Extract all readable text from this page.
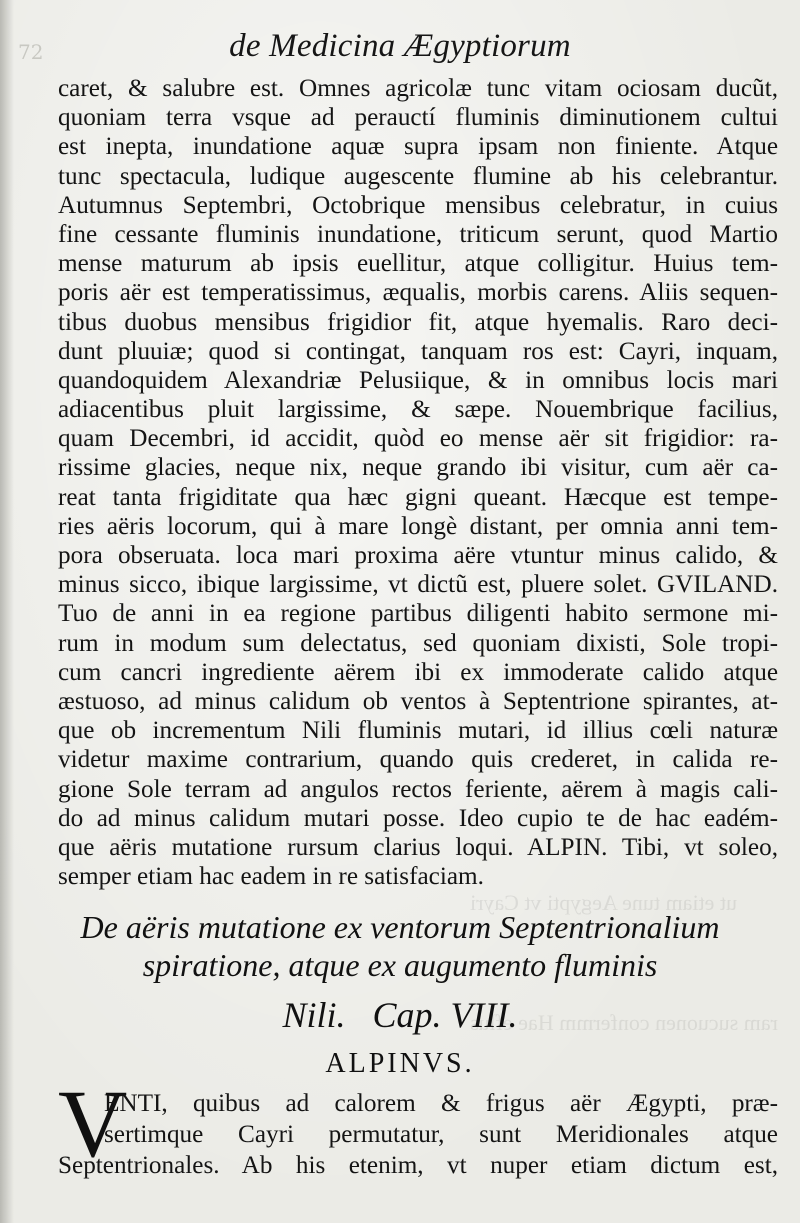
ut etiam tune Aegypti vt Cayri
ram sucuonen confermm Hae eflus
72	de Medicina Ægyptiorum
caret, & salubre est. Omnes agricolæ tunc vitam ociosam ducũt,
quoniam terra vsque ad perauctí fluminis diminutionem cultui
est inepta, inundatione aquæ supra ipsam non finiente. Atque
tunc spectacula, ludique augescente flumine ab his celebrantur.
Autumnus Septembri, Octobrique mensibus celebratur, in cuius
fine cessante fluminis inundatione, triticum serunt, quod Martio
mense maturum ab ipsis euellitur, atque colligitur. Huius tem-
poris aër est temperatissimus, æqualis, morbis carens. Aliis sequen-
tibus duobus mensibus frigidior fit, atque hyemalis. Raro deci-
dunt pluuiæ; quod si contingat, tanquam ros est: Cayri, inquam,
quandoquidem Alexandriæ Pelusiique, & in omnibus locis mari
adiacentibus pluit largissime, & sæpe. Nouembrique facilius,
quam Decembri, id accidit, quòd eo mense aër sit frigidior: ra-
rissime glacies, neque nix, neque grando ibi visitur, cum aër ca-
reat tanta frigiditate qua hæc gigni queant. Hæcque est tempe-
ries aëris locorum, qui à mare longè distant, per omnia anni tem-
pora obseruata. loca mari proxima aëre vtuntur minus calido, &
minus sicco, ibique largissime, vt dictũ est, pluere solet. GVILAND.
Tuo de anni in ea regione partibus diligenti habito sermone mi-
rum in modum sum delectatus, sed quoniam dixisti, Sole tropi-
cum cancri ingrediente aërem ibi ex immoderate calido atque
æstuoso, ad minus calidum ob ventos à Septentrione spirantes, at-
que ob incrementum Nili fluminis mutari, id illius cœli naturæ
videtur maxime contrarium, quando quis crederet, in calida re-
gione Sole terram ad angulos rectos feriente, aërem à magis cali-
do ad minus calidum mutari posse. Ideo cupio te de hac eadém-
que aëris mutatione rursum clarius loqui. ALPIN. Tibi, vt soleo,
semper etiam hac eadem in re satisfaciam.
De aëris mutatione ex ventorum Septentrionalium
spiratione, atque ex augumento fluminis
Nili.   Cap. VIII.
ALPINVS.
V
ENTI, quibus ad calorem & frigus aër Ægypti, præ-
sertimque Cayri permutatur, sunt Meridionales atque
Septentrionales. Ab his etenim, vt nuper etiam dictum est,
